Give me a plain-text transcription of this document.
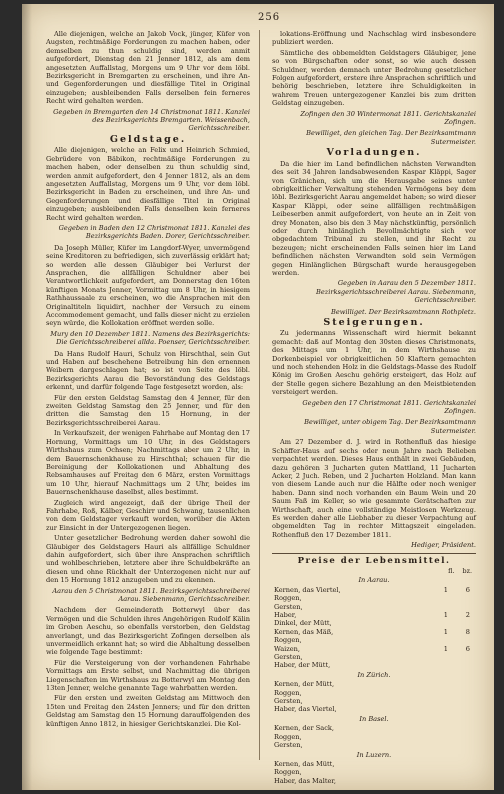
256

Alle diejenigen, welche an Jakob Vock, jünger, Küfer von Augsten, rechtmäßige Forderungen zu machen haben, oder demselben zu thun schuldig sind, werden anmit aufgefordert, Dienstag den 21 Jenner 1812, als am dem angesetzten Auffallstag, Morgens um 9 Uhr vor dem löbl. Bezirksgericht in Bremgarten zu erscheinen, und ihre An- und Gegenforderungen und diesfällige Titel in Original einzugeben; ausbleibenden Falls derselben fein ferneres Recht wird gehalten werden.

Gegeben in Bremgarten den 14 Christmonat 1811. Kanzlei des Bezirksgerichts Bremgarten. Weissenbach, Gerichtsschreiber.

Geldstage.

Alle diejenigen, welche an Felix und Heinrich Schmied, Gebrüdere von Bäbikon, rechtmäßige Forderungen zu machen haben, oder denselben zu thun schuldig sind, werden anmit aufgefordert, den 4 Jenner 1812, als an dem angesetzten Auffallstag, Morgens um 9 Uhr, vor dem löbl. Bezirksgericht in Baden zu erscheinen, und ihre An- und Gegenforderungen und diesfällige Titel in Original einzugeben; ausbleibenden Falls denselben kein ferneres Recht wird gehalten werden.

Gegeben in Baden den 12 Christmonat 1811. Kanzlei des Bezirksgerichts Baden. Dorer, Gerichtsschreiber.

Da Joseph Müller, Küfer im Langdorf-Wyer, unvermögend seine Kreditoren zu befriedigen, sich zuverlässig erklärt hat; so werden alle dessen Gläubiger bei Verlurst der Ansprachen, die allfälligen Schuldner aber bei Verantwortlichkeit aufgefordert, am Donnerstag den 16ten künftigen Monats Jenner, Vormittag um 8 Uhr, in hiesigem Rathhaussaale zu erscheinen, wo die Ansprachen mit den Originaltiteln liquidirt, nachher der Versuch zu einem Accommodement gemacht, und falls dieser nicht zu erzielen seyn würde, die Kollokation eröffnet werden solle.

Mury den 10 Dezember 1811. Namens des Bezirksgerichts: Die Gerichtsschreiberei allda. Poenser, Gerichtsschreiber.

Da Hans Rudolf Hauri, Schulz von Hirschthal, sein Gut und Haben auf beschehene Betreibung hin den ernennen Weibern dargeschlagen hat; so ist von Seite des löbl. Bezirksgerichts Aarau die Bevorständung des Geldstags erkennt, und darfür folgende Tage festgesetzt worden, als:

Für den ersten Geldstag Samstag den 4 Jenner, für den zweiten Geldstag Samstag den 25 Jenner, und für den dritten die Samstag den 15 Hornung, in der Bezirksgerichtsschreiberei Aarau.

In Verkaufszeit, der wenigen Fahrhabe auf Montag den 17 Hornung, Vormittags um 10 Uhr, in des Geldstagers Wirthshaus zum Ochsen; Nachmittags aber um 2 Uhr, in dem Bauernschenkhause zu Hirschthal; schauen für die Bereinigung der Kollokationen und Abhaltung des Rebsamhauses auf Freitag den 6 März, ersten Vormittags um 10 Uhr, hierauf Nachmittags um 2 Uhr, beides im Bauernschenkhause daselbst, alles bestimmt.

Zugleich wird angezeigt, daß der übrige Theil der Fahrhabe, Roß, Kälber, Geschirr und Schwang, tausenlichen von dem Geldstager verkauft worden, worüber die Akten zur Einsicht in der Untergezogenen liegen.

Unter gesetzlicher Bedrohung werden daher sowohl die Gläubiger des Geldstagers Hauri als allfällige Schuldner dahin aufgefordert, sich über ihre Ansprachen schriftlich und wohlbeschrieben, letztere aber ihre Schuldbekräfte an diesen und ohne Rückhalt der Unterzogenen nicht nur auf den 15 Hornung 1812 anzugeben und zu ekennen.

Aarau den 5 Christmonat 1811. Bezirksgerichtsschreiberei Aarau. Siebenmann, Gerichtsschreiber.

Nachdem der Gemeinderath Botterwyl über das Vermögen und die Schulden ihres Angehörigen Rudolf Kälin im Groben Aeschu, so ebenfalls verstorben, den Geldstag anverlangt, und das Bezirksgericht Zofingen derselben als unvermeidlich erkannt hat; so wird die Abhaltung desselben wie folgende Tage bestimmt:

Für die Versteigerung von der vorhandenen Fahrhabe Vormittags am Erste selbst, und Nachmittag die übrigen Liegenschaften im Wirthshaus zu Botterwyl am Montag den 13ten Jenner, welche genannte Tage wahrbatten werden.

Für den ersten und zweiten Geldstag am Mittwoch den 15ten und Freitag den 24sten Jenners; und für den dritten Geldstag am Samstag den 15 Hornung darauffolgenden des künftigen Anno 1812, in hiesiger Gerichtskanzlei. Die Kol-

lokations-Eröffnung und Nachschlag wird insbesondere publiziert werden.

Sämtliche des obbemeldten Geldstagers Gläubiger, jene so von Bürgschaften oder sonst, so wie auch dessen Schuldner, werden demnach unter Bedrohung gesetzlicher Folgen aufgefordert, erstere ihre Ansprachen schriftlich und behörig beschrieben, letztere ihre Schuldigkeiten in wahrem Treuen untergezogener Kanzlei bis zum dritten Geldstag einzugeben.

Zofingen den 30 Wintermonat 1811. Gerichtskanzlei Zofingen.

Bewilliget, den gleichen Tag. Der Bezirksamtmann Sutermeister.

Vorladungen.

Da die hier im Land befindlichen nächsten Verwandten des seit 34 Jahren landsabwesenden Kaspar Kläppi, Sager von Gränichen, sich um die Herausgabe seines unter obrigkeitlicher Verwaltung stehenden Vermögens bey dem löbl. Bezirksgericht Aarau angemeldet haben; so wird dieser Kaspar Kläppi, oder seine allfälligen rechtmäßigen Leibeserben anmit aufgefordert, von heute an in Zeit von drey Monaten, also bis den 3 May nächstkünftig, persönlich oder durch hinlänglich Bevollmächtigte sich vor obgedachtem Tribunal zu stellen, und ihr Recht zu bezeugen; nicht erscheinenden Falls seinen hier im Land befindlichen nächsten Verwandten sold sein Vermögen gegen Hinlänglichen Bürgschaft wurde herausgegeben werden.

Gegeben in Aarau den 5 Dezember 1811. Bezirksgerichtsschreiberei Aarau. Siebenmann, Gerichtsschreiber.

Bewilliget. Der Bezirksamtmann Rothpletz.

Steigerungen.

Zu jedermanns Wissenschaft wird hiermit bekannt gemacht: daß auf Montag den 30sten dieses Christmonats, des Mittags um 1 Uhr, in dem Wirthshause zu Dorkenbeispiel vor obrigkeitlichen 50 Klaftern gemachten und noch stehenden Holz in die Geldstags-Masse des Rudolf König im Großen Aeschu gehörig ersteigert, das Holz auf der Stelle gegen sichere Bezahlung an den Meistbietenden versteigert werden.

Gegeben den 17 Christmonat 1811. Gerichtskanzlei Zofingen.

Bewilliget, unter obigem Tag. Der Bezirksamtmann Sutermeister.

Am 27 Dezember d. J. wird in Rothenfluß das hiesige Schäffer-Haus auf sechs oder neun Jahre nach Belieben verpachtet werden. Dieses Haus enthält in zwei Gebäuden, dazu gehören 3 Jucharten guten Mattland, 11 Jucharten Acker, 2 Juch. Reben, und 2 Jucharten Holzland. Man kann von diesem Lande auch nur die Hälfte oder noch weniger haben. Dann sind noch vorhanden ein Baum Wein und 20 Saum Faß im Keller, so wie gesammte Gerätschaften zur Wirthschaft, auch eine vollständige Meistlosen Werkzeug. Es werden daher alle Liebhaber zu dieser Verpachtung auf obgemeldten Tag in rechter Mittagszeit eingeladen. Rothenfluß den 17 Dezember 1811.

Hediger, Präsident.

Preise der Lebensmittel.
fl. bz.
In Aarau.
Kernen, das Viertel,	1	6
Roggen,
Gersten,
Haber,	1	2
Dinkel, der Mütt,
Kernen, das Mäß,	1	8
Roggen,
Waizen,	1	6
Gersten,
Haber, der Mütt,
In Zürich.
Kernen, der Mütt,
Roggen,
Gersten,
Haber, das Viertel,
In Basel.
Kernen, der Sack,
Roggen,
Gersten,
In Luzern.
Kernen, das Mütt,
Roggen,
Haber, das Malter,
